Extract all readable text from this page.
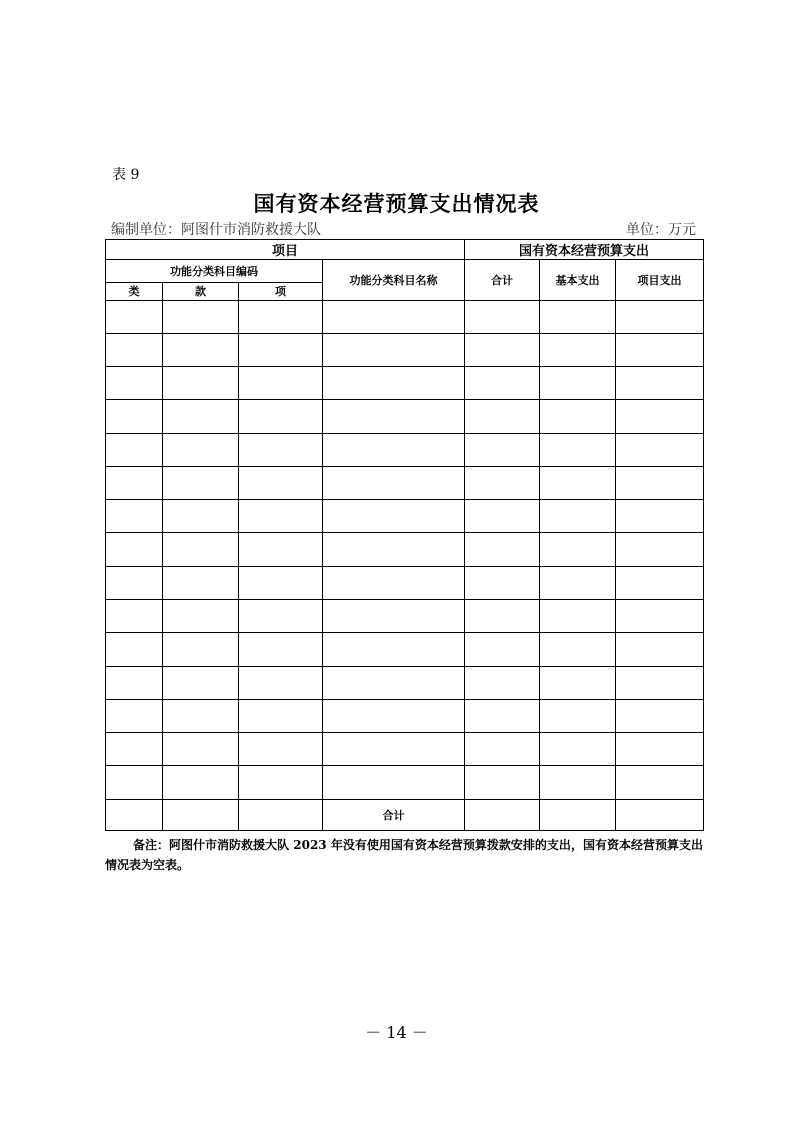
表 9
国有资本经营预算支出情况表
编制单位：阿图什市消防救援大队	单位：万元
项目				国有资本经营预算支出		
功能分类科目编码			功能分类科目名称	合计	基本支出	项目支出
类	款	项				

			合计			
备注：阿图什市消防救援大队 2023 年没有使用国有资本经营预算拨款安排的支出，国有资本经营预算支出情况表为空表。
－ 14 －
